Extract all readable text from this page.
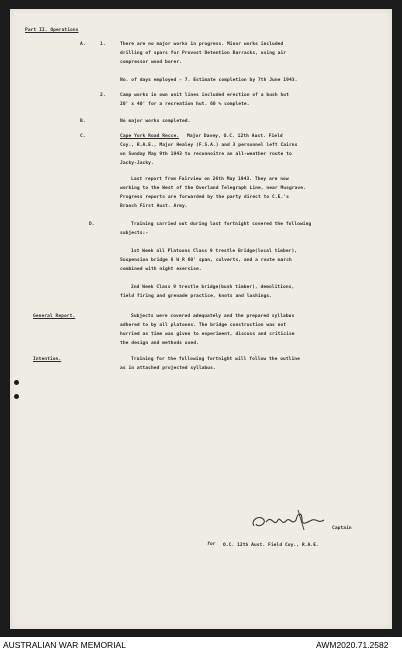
Part II. Operations
A.	1.	There are no major works in progress. Minor works included
drilling of spars for Provost Detention Barracks, using air
compressor wood borer.
No. of days employed - 7. Estimate completion by 7th June 1943.
2.	Camp works in own unit lines included erection of a bush hut
20' x 40' for a recreation hut. 60 % complete.
B.	No major works completed.
C.	Cape York Road Recce. Major Davey, O.C. 12th Aust. Field
Coy., R.A.E., Major Healey (F.S.A.) and 3 personnel left Cairns
on Sunday May 9th 1943 to reconnoitre an all-weather route to
Jacky-Jacky.
Last report from Fairview on 26th May 1943. They are now
working to the West of the Overland Telegraph Line, near Musgrave.
Progress reports are forwarded by the party direct to C.E.'s
Branch First Aust. Army.
D.	Training carried out during last fortnight covered the following
subjects:-
1st Week all Platoons Class 9 trestle Bridge(local timber),
Suspension bridge 6 W R 60' span, culverts, and a route march
combined with night exercise.
2nd Week Class 9 trestle bridge(bush timber), demolitions,
field firing and grenade practice, knots and lashings.
General Report.	Subjects were covered adequately and the prepared syllabus
adhered to by all platoons. The bridge construction was not
hurried as time was given to experiment, discuss and criticise
the design and methods used.
Intention.	Training for the following fortnight will follow the outline
as in attached projected syllabus.
Captain
for O.C. 12th Aust. Field Coy., R.A.E.
AUSTRALIAN WAR MEMORIAL	AWM2020.71.2582
